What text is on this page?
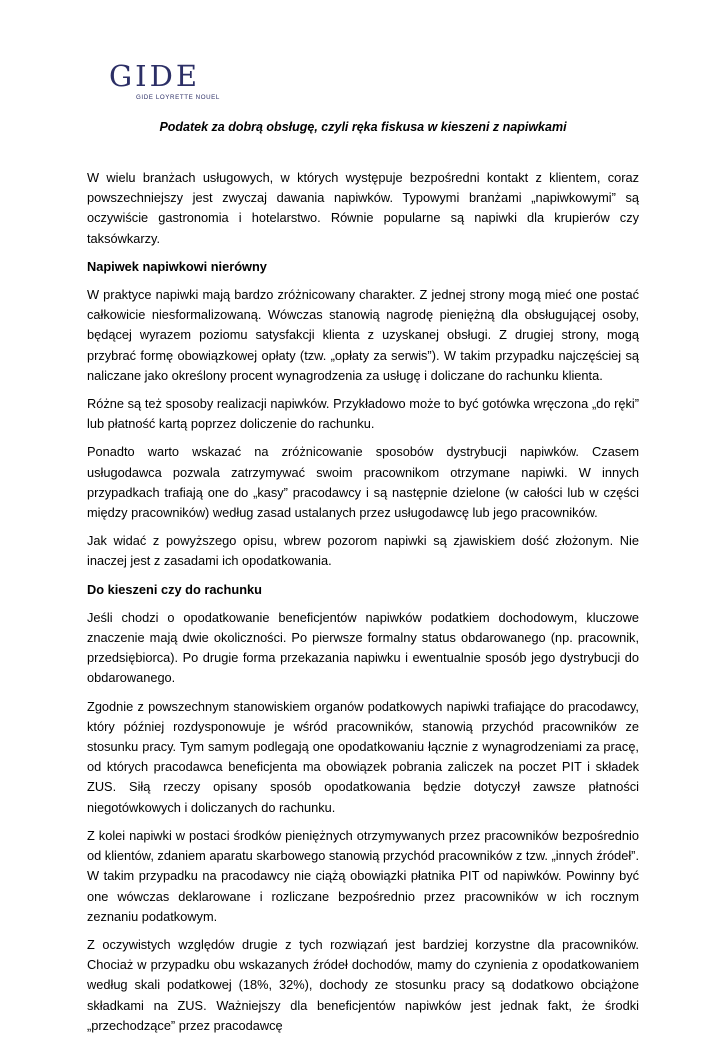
GIDE
GIDE LOYRETTE NOUEL
Podatek za dobrą obsługę, czyli ręka fiskusa w kieszeni z napiwkami

W wielu branżach usługowych, w których występuje bezpośredni kontakt z klientem, coraz powszechniejszy jest zwyczaj dawania napiwków. Typowymi branżami „napiwkowymi” są oczywiście gastronomia i hotelarstwo. Równie popularne są napiwki dla krupierów czy taksówkarzy.

Napiwek napiwkowi nierówny

W praktyce napiwki mają bardzo zróżnicowany charakter. Z jednej strony mogą mieć one postać całkowicie niesformalizowaną. Wówczas stanowią nagrodę pieniężną dla obsługującej osoby, będącej wyrazem poziomu satysfakcji klienta z uzyskanej obsługi. Z drugiej strony, mogą przybrać formę obowiązkowej opłaty (tzw. „opłaty za serwis”). W takim przypadku najczęściej są naliczane jako określony procent wynagrodzenia za usługę i doliczane do rachunku klienta.

Różne są też sposoby realizacji napiwków. Przykładowo może to być gotówka wręczona „do ręki” lub płatność kartą poprzez doliczenie do rachunku.

Ponadto warto wskazać na zróżnicowanie sposobów dystrybucji napiwków. Czasem usługodawca pozwala zatrzymywać swoim pracownikom otrzymane napiwki. W innych przypadkach trafiają one do „kasy” pracodawcy i są następnie dzielone (w całości lub w części między pracowników) według zasad ustalanych przez usługodawcę lub jego pracowników.

Jak widać z powyższego opisu, wbrew pozorom napiwki są zjawiskiem dość złożonym. Nie inaczej jest z zasadami ich opodatkowania.

Do kieszeni czy do rachunku

Jeśli chodzi o opodatkowanie beneficjentów napiwków podatkiem dochodowym, kluczowe znaczenie mają dwie okoliczności. Po pierwsze formalny status obdarowanego (np. pracownik, przedsiębiorca). Po drugie forma przekazania napiwku i ewentualnie sposób jego dystrybucji do obdarowanego.

Zgodnie z powszechnym stanowiskiem organów podatkowych napiwki trafiające do pracodawcy, który później rozdysponowuje je wśród pracowników, stanowią przychód pracowników ze stosunku pracy. Tym samym podlegają one opodatkowaniu łącznie z wynagrodzeniami za pracę, od których pracodawca beneficjenta ma obowiązek pobrania zaliczek na poczet PIT i składek ZUS. Siłą rzeczy opisany sposób opodatkowania będzie dotyczył zawsze płatności niegotówkowych i doliczanych do rachunku.

Z kolei napiwki w postaci środków pieniężnych otrzymywanych przez pracowników bezpośrednio od klientów, zdaniem aparatu skarbowego stanowią przychód pracowników z tzw. „innych źródeł”. W takim przypadku na pracodawcy nie ciążą obowiązki płatnika PIT od napiwków. Powinny być one wówczas deklarowane i rozliczane bezpośrednio przez pracowników w ich rocznym zeznaniu podatkowym.

Z oczywistych względów drugie z tych rozwiązań jest bardziej korzystne dla pracowników. Chociaż w przypadku obu wskazanych źródeł dochodów, mamy do czynienia z opodatkowaniem według skali podatkowej (18%, 32%), dochody ze stosunku pracy są dodatkowo obciążone składkami na ZUS. Ważniejszy dla beneficjentów napiwków jest jednak fakt, że środki „przechodzące” przez pracodawcę
